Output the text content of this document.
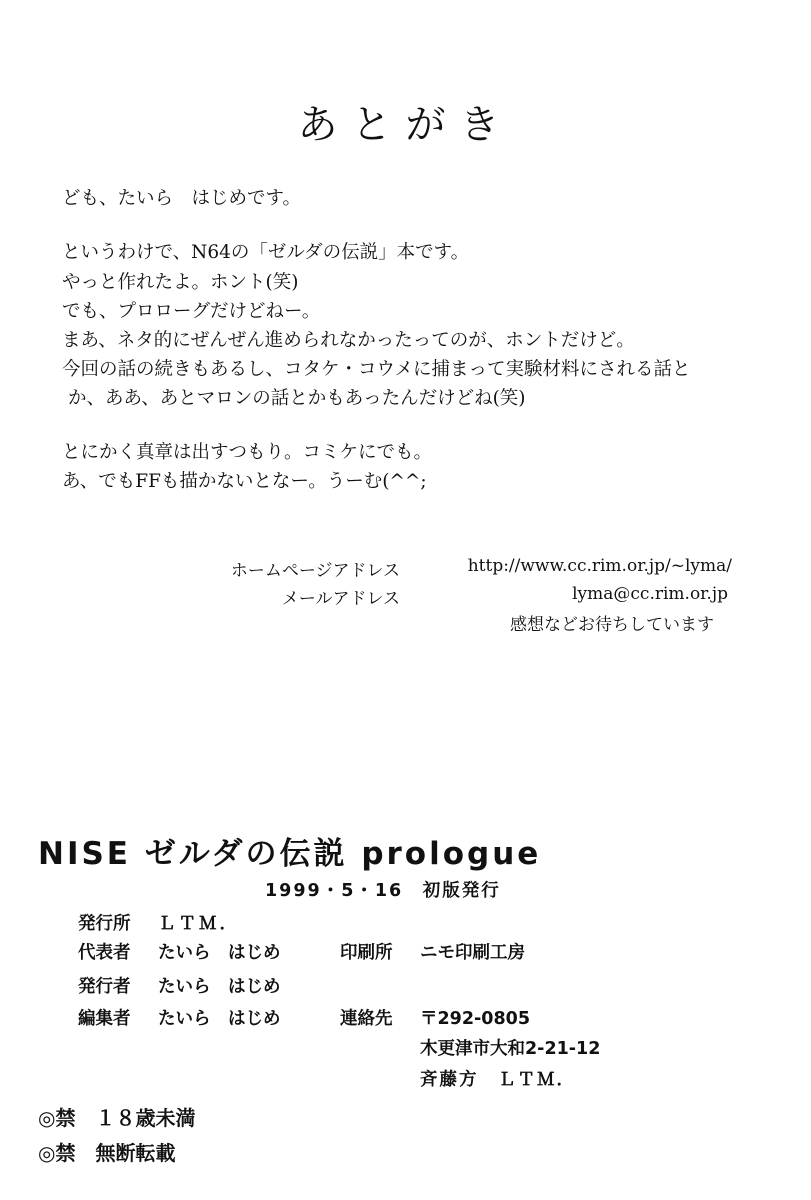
あとがき
ども、たいら　はじめです。
というわけで、N64の「ゼルダの伝説」本です。
やっと作れたよ。ホント(笑)
でも、プロローグだけどねー。
まあ、ネタ的にぜんぜん進められなかったってのが、ホントだけど。
今回の話の続きもあるし、コタケ・コウメに捕まって実験材料にされる話と
か、ああ、あとマロンの話とかもあったんだけどね(笑)
とにかく真章は出すつもり。コミケにでも。
あ、でもFFも描かないとなー。うーむ(^^;
ホームページアドレス	http://www.cc.rim.or.jp/~lyma/
メールアドレス	lyma@cc.rim.or.jp
感想などお待ちしています
NISE ゼルダの伝説 prologue
1999・5・16　初版発行
発行所 ＬＴＭ．
代表者 たいら　はじめ	印刷所 ニモ印刷工房
発行者 たいら　はじめ
編集者 たいら　はじめ	連絡先 〒292-0805
木更津市大和2-21-12
斉藤方　ＬＴＭ．
◎禁　１８歳未満
◎禁　無断転載
